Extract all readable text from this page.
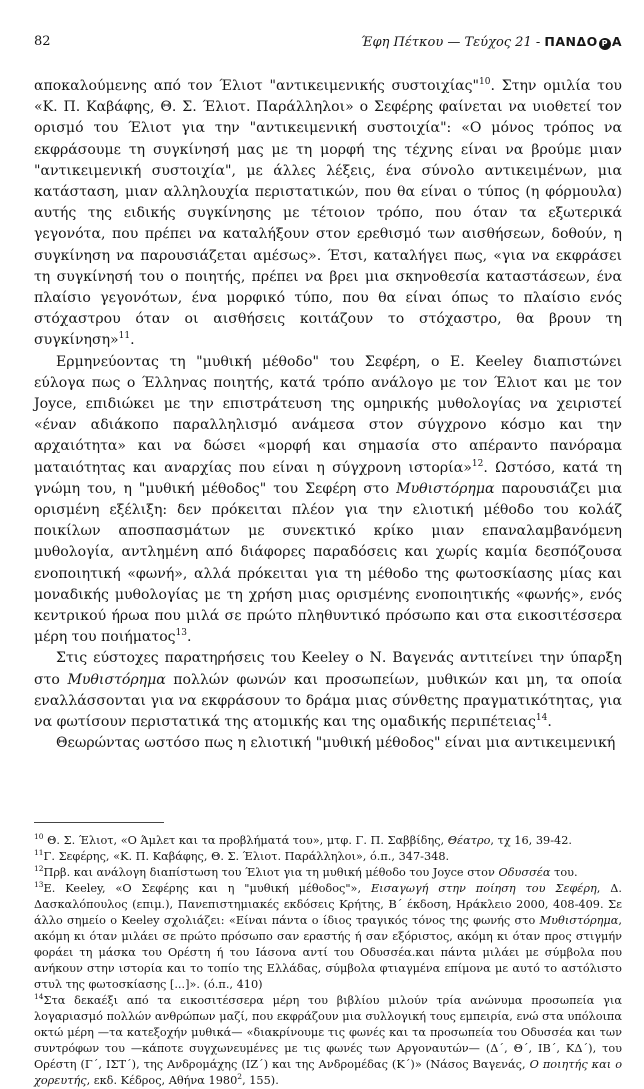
82	Έφη Πέτκου — Τεύχος 21 - ΠΑΝΔΟ Ρ Α

αποκαλούμενης από τον Έλιοτ "αντικειμενικής συστοιχίας"$^{10}$. Στην ομιλία του «Κ. Π. Καβάφης, Θ. Σ. Έλιοτ. Παράλληλοι» ο Σεφέρης φαίνεται να υιοθετεί τον ορισμό του Έλιοτ για την "αντικειμενική συστοιχία": «Ο μόνος τρόπος να εκφράσουμε τη συγκίνησή μας με τη μορφή της τέχνης είναι να βρούμε μιαν "αντικειμενική συστοιχία", με άλλες λέξεις, ένα σύνολο αντικειμένων, μια κατάσταση, μιαν αλληλουχία περιστατικών, που θα είναι ο τύπος (η φόρμουλα) αυτής της ειδικής συγκίνησης με τέτοιον τρόπο, που όταν τα εξωτερικά γεγονότα, που πρέπει να καταλήξουν στον ερεθισμό των αισθήσεων, δοθούν, η συγκίνηση να παρουσιάζεται αμέσως». Έτσι, καταλήγει πως, «για να εκφράσει τη συγκίνησή του ο ποιητής, πρέπει να βρει μια σκηνοθεσία καταστάσεων, ένα πλαίσιο γεγονότων, ένα μορφικό τύπο, που θα είναι όπως το πλαίσιο ενός στόχαστρου όταν οι αισθήσεις κοιτάζουν το στόχαστρο, θα βρουν τη συγκίνηση»$^{11}$.

Ερμηνεύοντας τη "μυθική μέθοδο" του Σεφέρη, ο E. Keeley διαπιστώνει εύλογα πως ο Έλληνας ποιητής, κατά τρόπο ανάλογο με τον Έλιοτ και με τον Joyce, επιδιώκει με την επιστράτευση της ομηρικής μυθολογίας να χειριστεί «έναν αδιάκοπο παραλληλισμό ανάμεσα στον σύγχρονο κόσμο και την αρχαιότητα» και να δώσει «μορφή και σημασία στο απέραντο πανόραμα ματαιότητας και αναρχίας που είναι η σύγχρονη ιστορία»$^{12}$. Ωστόσο, κατά τη γνώμη του, η "μυθική μέθοδος" του Σεφέρη στο Μυθιστόρημα παρουσιάζει μια ορισμένη εξέλιξη: δεν πρόκειται πλέον για την ελιοτική μέθοδο του κολάζ ποικίλων αποσπασμάτων με συνεκτικό κρίκο μιαν επαναλαμβανόμενη μυθολογία, αντλημένη από διάφορες παραδόσεις και χωρίς καμία δεσπόζουσα ενοποιητική «φωνή», αλλά πρόκειται για τη μέθοδο της φωτοσκίασης μίας και μοναδικής μυθολογίας με τη χρήση μιας ορισμένης ενοποιητικής «φωνής», ενός κεντρικού ήρωα που μιλά σε πρώτο πληθυντικό πρόσωπο και στα εικοσιτέσσερα μέρη του ποιήματος$^{13}$.

Στις εύστοχες παρατηρήσεις του Keeley ο Ν. Βαγενάς αντιτείνει την ύπαρξη στο Μυθιστόρημα πολλών φωνών και προσωπείων, μυθικών και μη, τα οποία εναλλάσσονται για να εκφράσουν το δράμα μιας σύνθετης πραγματικότητας, για να φωτίσουν περιστατικά της ατομικής και της ομαδικής περιπέτειας$^{14}$.

Θεωρώντας ωστόσο πως η ελιοτική "μυθική μέθοδος" είναι μια αντικειμενική

$^{10}$ Θ. Σ. Έλιοτ, «Ο Άμλετ και τα προβλήματά του», μτφ. Γ. Π. Σαββίδης, Θέατρο, τχ 16, 39-42.

$^{11}$Γ. Σεφέρης, «Κ. Π. Καβάφης, Θ. Σ. Έλιοτ. Παράλληλοι», ό.π., 347-348.

$^{12}$Πρβ. και ανάλογη διαπίστωση του Έλιοτ για τη μυθική μέθοδο του Joyce στον Οδυσσέα του.

$^{13}$E. Keeley, «Ο Σεφέρης και η "μυθική μέθοδος"», Εισαγωγή στην ποίηση του Σεφέρη, Δ. Δασκαλόπουλος (επιμ.), Πανεπιστημιακές εκδόσεις Κρήτης, Β΄ έκδοση, Ηράκλειο 2000, 408-409. Σε άλλο σημείο ο Keeley σχολιάζει: «Είναι πάντα ο ίδιος τραγικός τόνος της φωνής στο Μυθιστόρημα, ακόμη κι όταν μιλάει σε πρώτο πρόσωπο σαν εραστής ή σαν εξόριστος, ακόμη κι όταν προς στιγμήν φοράει τη μάσκα του Ορέστη ή του Ιάσονα αντί του Οδυσσέα.και πάντα μιλάει με σύμβολα που ανήκουν στην ιστορία και το τοπίο της Ελλάδας, σύμβολα φτιαγμένα επίμονα με αυτό το αστόλιστο στυλ της φωτοσκίασης [...]». (ό.π., 410)

$^{14}$Στα δεκαέξι από τα εικοσιτέσσερα μέρη του βιβλίου μιλούν τρία ανώνυμα προσωπεία για λογαριασμό πολλών ανθρώπων μαζί, που εκφράζουν μια συλλογική τους εμπειρία, ενώ στα υπόλοιπα οκτώ μέρη —τα κατεξοχήν μυθικά— «διακρίνουμε τις φωνές και τα προσωπεία του Οδυσσέα και των συντρόφων του —κάποτε συγχωνευμένες με τις φωνές των Αργοναυτών— (Δ΄, Θ΄, ΙΒ΄, ΚΔ΄), του Ορέστη (Γ΄, ΙΣΤ΄), της Ανδρομάχης (ΙΖ΄) και της Ανδρομέδας (Κ΄)» (Νάσος Βαγενάς, Ο ποιητής και ο χορευτής, εκδ. Κέδρος, Αθήνα 1980$^2$, 155).
